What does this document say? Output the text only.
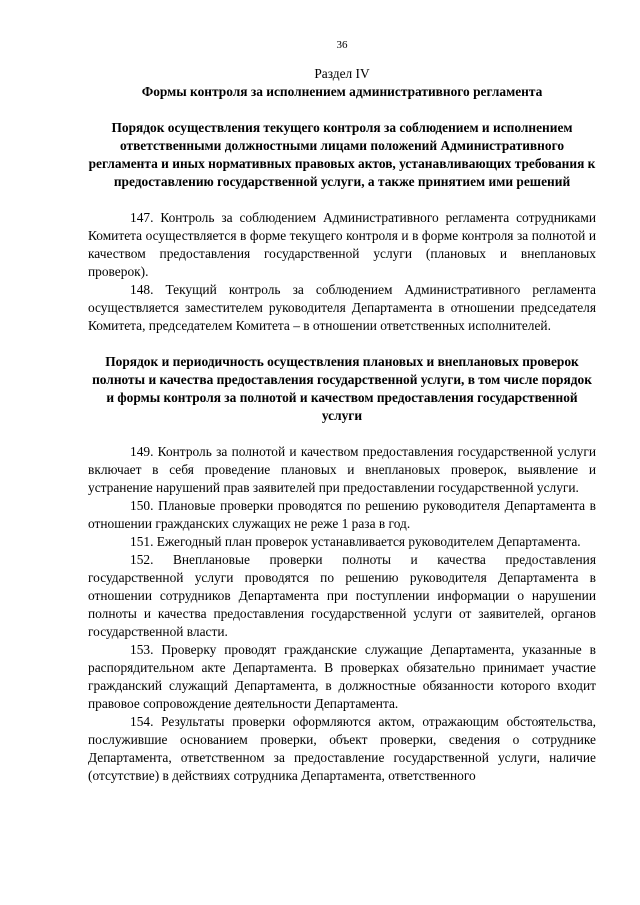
36
Раздел IV
Формы контроля за исполнением административного регламента
Порядок осуществления текущего контроля за соблюдением и исполнением ответственными должностными лицами положений Административного регламента и иных нормативных правовых актов, устанавливающих требования к предоставлению государственной услуги, а также принятием ими решений

147. Контроль за соблюдением Административного регламента сотрудниками Комитета осуществляется в форме текущего контроля и в форме контроля за полнотой и качеством предоставления государственной услуги (плановых и внеплановых проверок).

148. Текущий контроль за соблюдением Административного регламента осуществляется заместителем руководителя Департамента в отношении председателя Комитета, председателем Комитета – в отношении ответственных исполнителей.

Порядок и периодичность осуществления плановых и внеплановых проверок полноты и качества предоставления государственной услуги, в том числе порядок и формы контроля за полнотой и качеством предоставления государственной услуги

149. Контроль за полнотой и качеством предоставления государственной услуги включает в себя проведение плановых и внеплановых проверок, выявление и устранение нарушений прав заявителей при предоставлении государственной услуги.

150. Плановые проверки проводятся по решению руководителя Департамента в отношении гражданских служащих не реже 1 раза в год.

151. Ежегодный план проверок устанавливается руководителем Департамента.

152. Внеплановые проверки полноты и качества предоставления государственной услуги проводятся по решению руководителя Департамента в отношении сотрудников Департамента при поступлении информации о нарушении полноты и качества предоставления государственной услуги от заявителей, органов государственной власти.

153. Проверку проводят гражданские служащие Департамента, указанные в распорядительном акте Департамента. В проверках обязательно принимает участие гражданский служащий Департамента, в должностные обязанности которого входит правовое сопровождение деятельности Департамента.

154. Результаты проверки оформляются актом, отражающим обстоятельства, послужившие основанием проверки, объект проверки, сведения о сотруднике Департамента, ответственном за предоставление государственной услуги, наличие (отсутствие) в действиях сотрудника Департамента, ответственного
